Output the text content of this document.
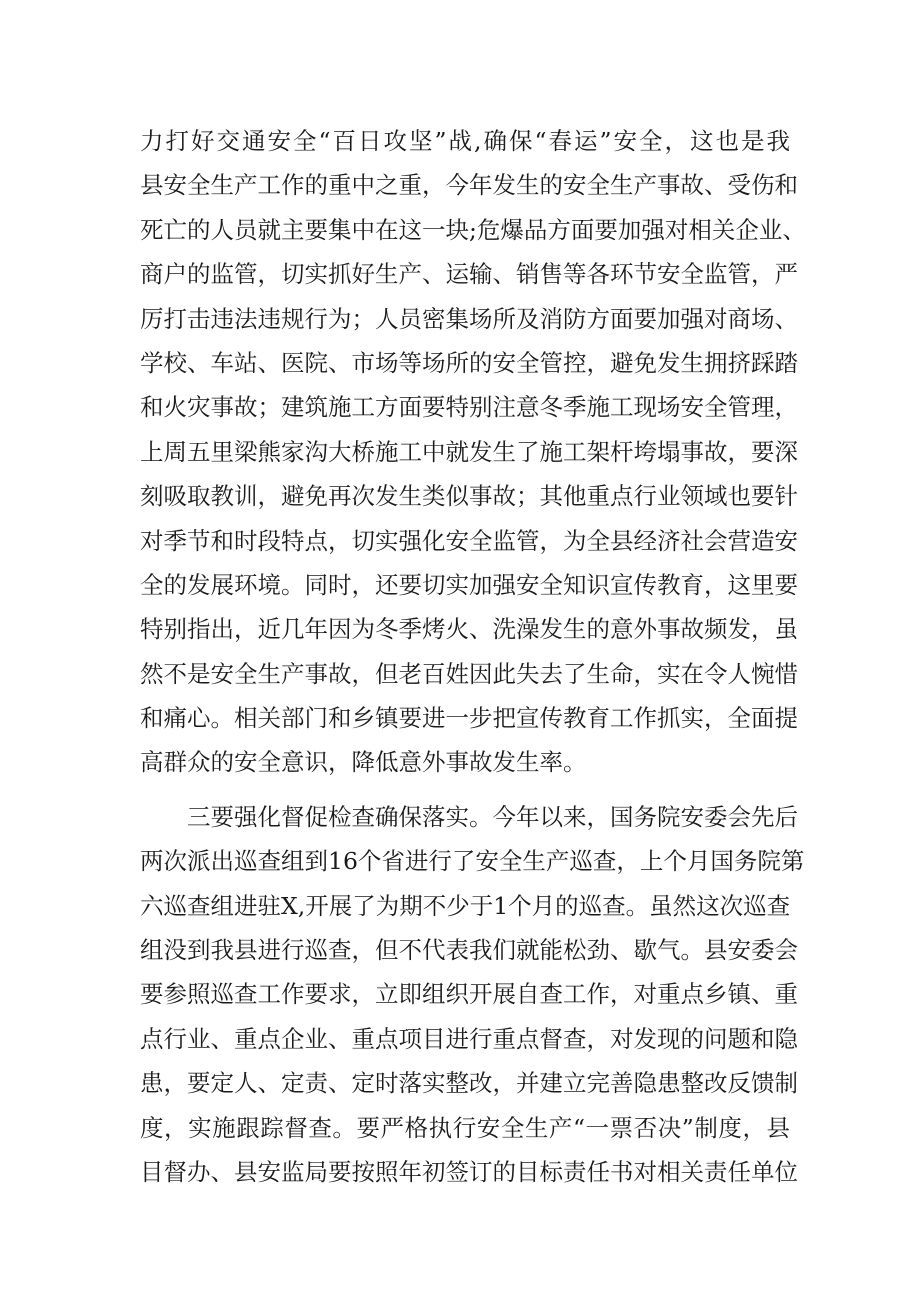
力打好交通安全“百日攻坚”战,确保“春运”安全，这也是我
县安全生产工作的重中之重，今年发生的安全生产事故、受伤和
死亡的人员就主要集中在这一块;危爆品方面要加强对相关企业、
商户的监管，切实抓好生产、运输、销售等各环节安全监管，严
厉打击违法违规行为；人员密集场所及消防方面要加强对商场、
学校、车站、医院、市场等场所的安全管控，避免发生拥挤踩踏
和火灾事故；建筑施工方面要特别注意冬季施工现场安全管理，
上周五里梁熊家沟大桥施工中就发生了施工架杆垮塌事故，要深
刻吸取教训，避免再次发生类似事故；其他重点行业领域也要针
对季节和时段特点，切实强化安全监管，为全县经济社会营造安
全的发展环境。同时，还要切实加强安全知识宣传教育，这里要
特别指出，近几年因为冬季烤火、洗澡发生的意外事故频发，虽
然不是安全生产事故，但老百姓因此失去了生命，实在令人惋惜
和痛心。相关部门和乡镇要进一步把宣传教育工作抓实，全面提
高群众的安全意识，降低意外事故发生率。
　　三要强化督促检查确保落实。今年以来，国务院安委会先后
两次派出巡查组到16个省进行了安全生产巡查，上个月国务院第
六巡查组进驻X,开展了为期不少于1个月的巡查。虽然这次巡查
组没到我县进行巡查，但不代表我们就能松劲、歇气。县安委会
要参照巡查工作要求，立即组织开展自查工作，对重点乡镇、重
点行业、重点企业、重点项目进行重点督查，对发现的问题和隐
患，要定人、定责、定时落实整改，并建立完善隐患整改反馈制
度，实施跟踪督查。要严格执行安全生产“一票否决”制度，县
目督办、县安监局要按照年初签订的目标责任书对相关责任单位
